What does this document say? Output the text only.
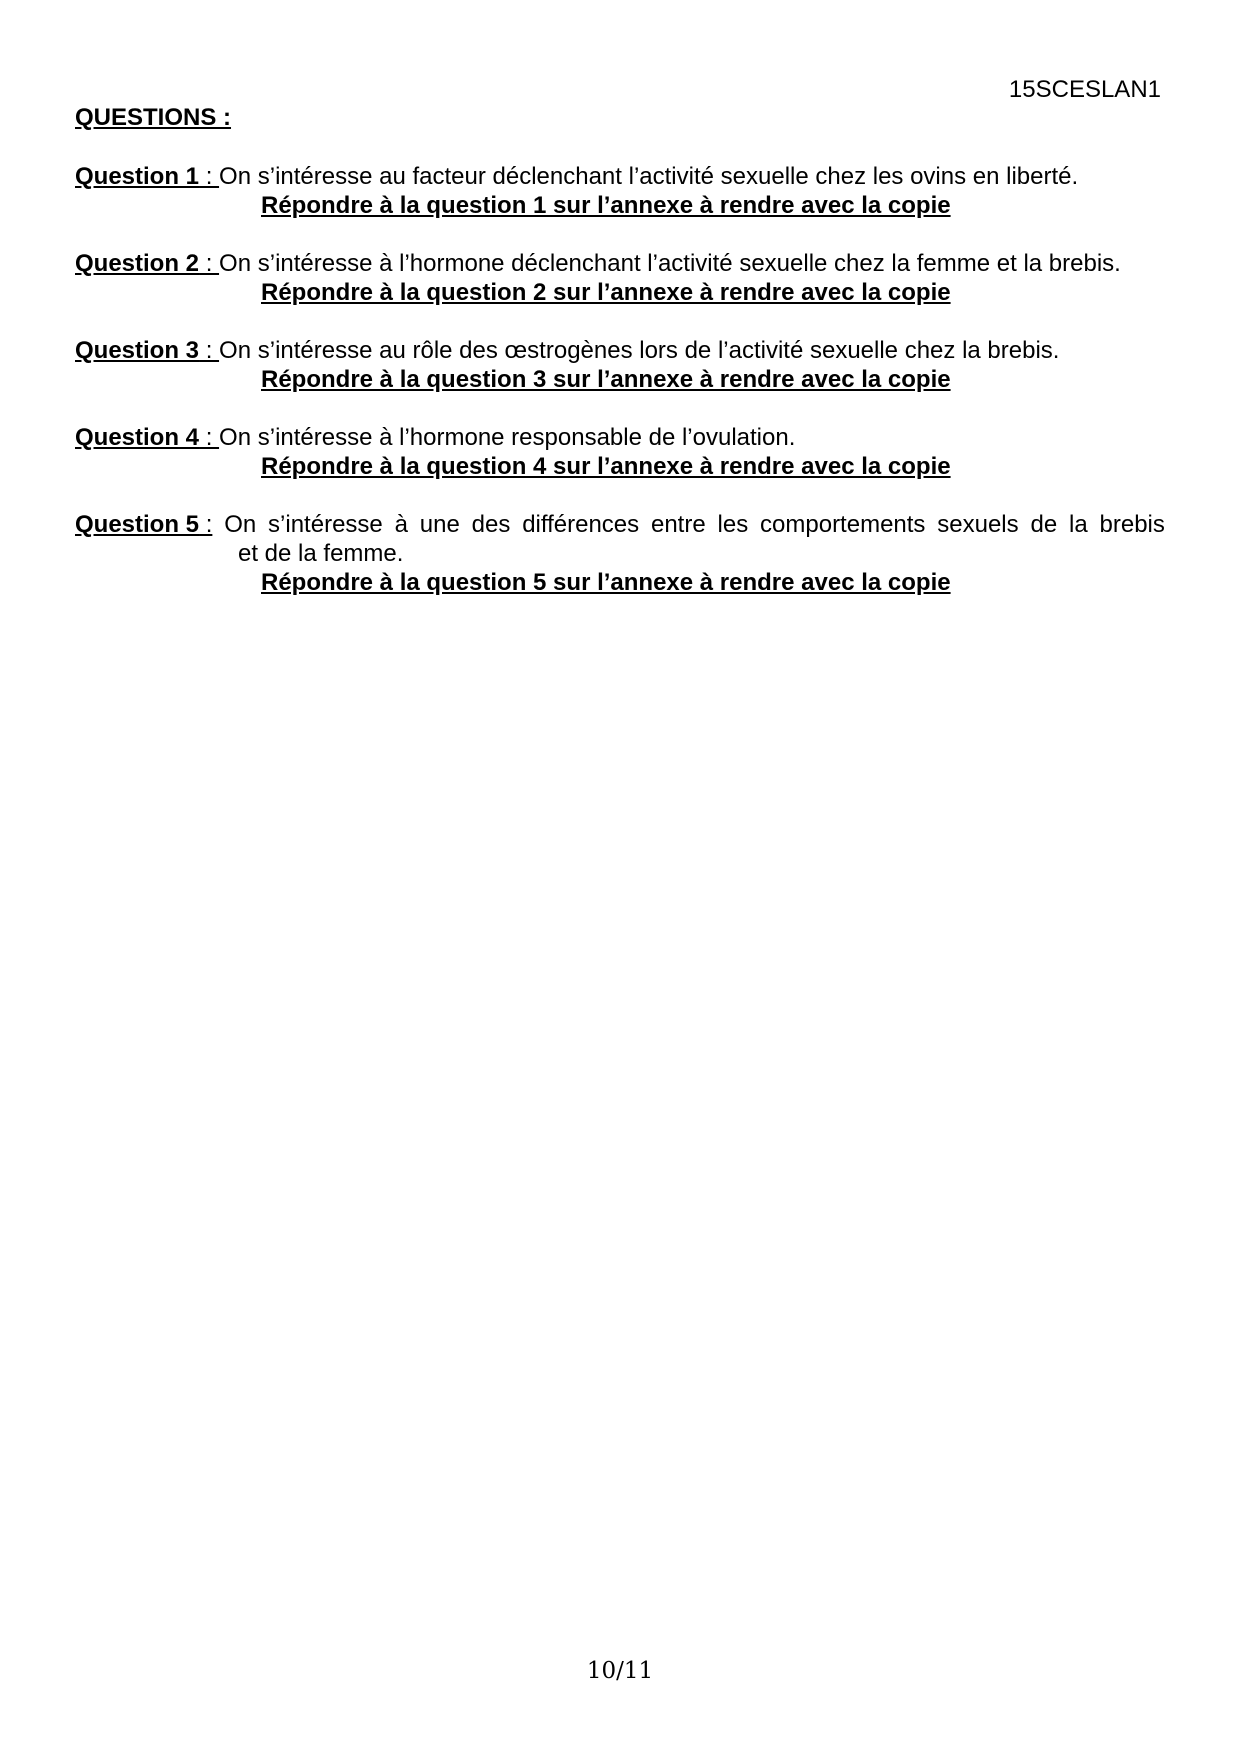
15SCESLAN1
QUESTIONS :
Question 1 : On s’intéresse au facteur déclenchant l’activité sexuelle chez les ovins en liberté.
Répondre à la question 1 sur l’annexe à rendre avec la copie
Question 2 : On s’intéresse à l’hormone déclenchant l’activité sexuelle chez la femme et la brebis.
Répondre à la question 2 sur l’annexe à rendre avec la copie
Question 3 : On s’intéresse au rôle des œstrogènes lors de l’activité sexuelle chez la brebis.
Répondre à la question 3 sur l’annexe à rendre avec la copie
Question 4 : On s’intéresse à l’hormone responsable de l’ovulation.
Répondre à la question 4 sur l’annexe à rendre avec la copie
Question 5 : On s’intéresse à une des différences entre les comportements sexuels de la brebis
et de la femme.
Répondre à la question 5 sur l’annexe à rendre avec la copie
10/11
